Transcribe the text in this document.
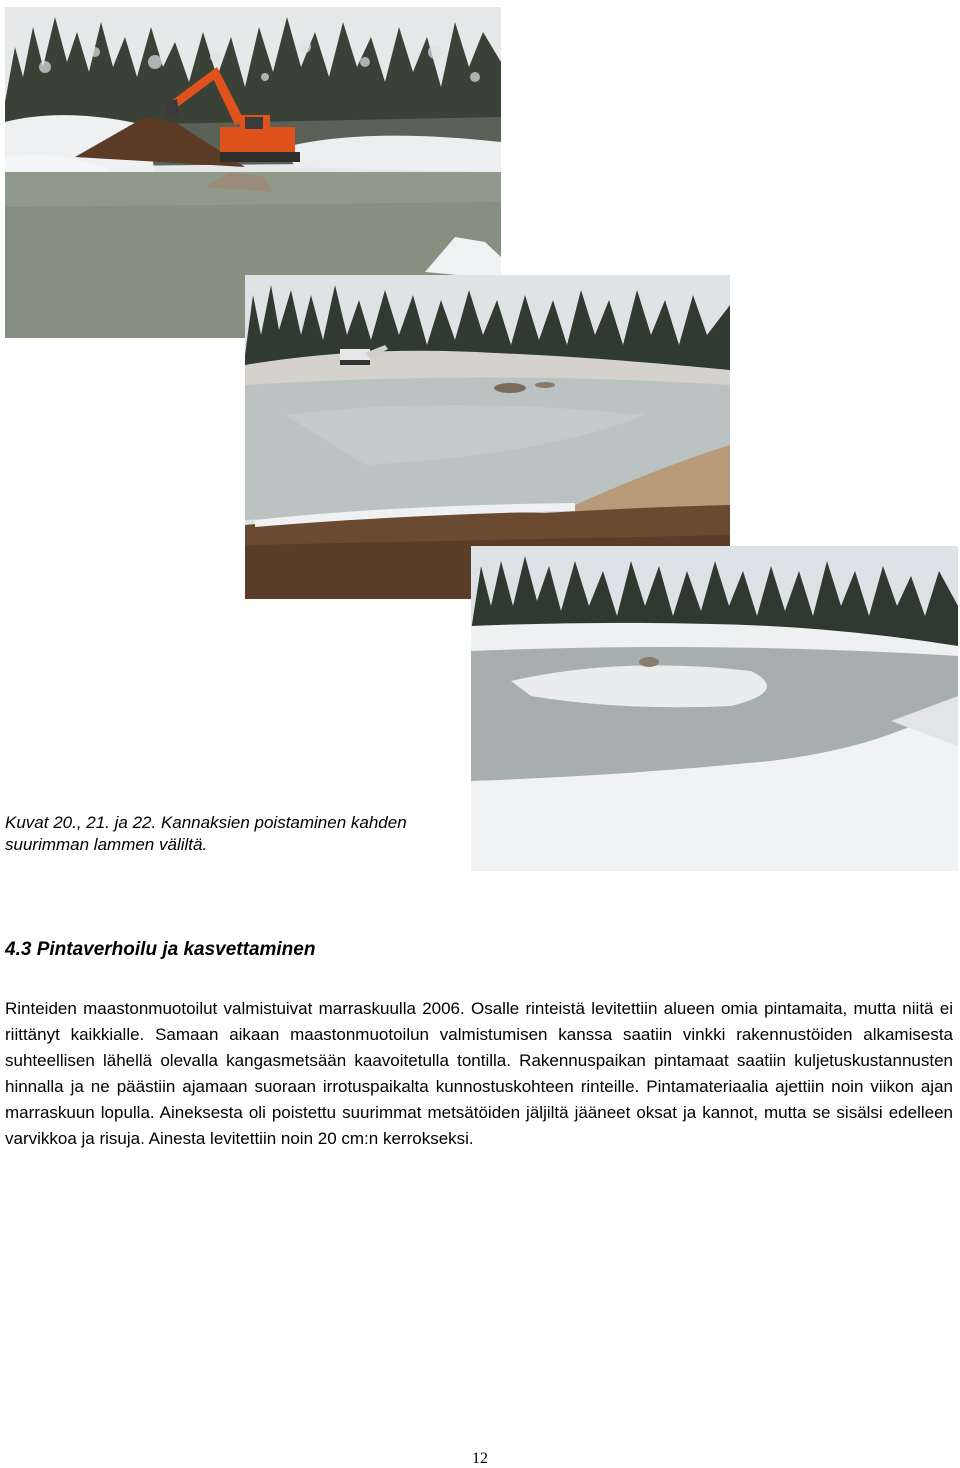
Kuvat 20., 21. ja 22. Kannaksien poistaminen kahden suurimman lammen väliltä.
4.3 Pintaverhoilu ja kasvettaminen

Rinteiden maastonmuotoilut valmistuivat marraskuulla 2006. Osalle rinteistä levitettiin alueen omia pintamaita, mutta niitä ei riittänyt kaikkialle. Samaan aikaan maastonmuotoilun valmistumisen kanssa saatiin vinkki rakennustöiden alkamisesta suhteellisen lähellä olevalla kangasmetsään kaavoitetulla tontilla. Rakennuspaikan pintamaat saatiin kuljetuskustannusten hinnalla ja ne päästiin ajamaan suoraan irrotuspaikalta kunnostuskohteen rinteille. Pintamateriaalia ajettiin noin viikon ajan marraskuun lopulla. Aineksesta oli poistettu suurimmat metsätöiden jäljiltä jääneet oksat ja kannot, mutta se sisälsi edelleen varvikkoa ja risuja. Ainesta levitettiin noin 20 cm:n kerrokseksi.

12
